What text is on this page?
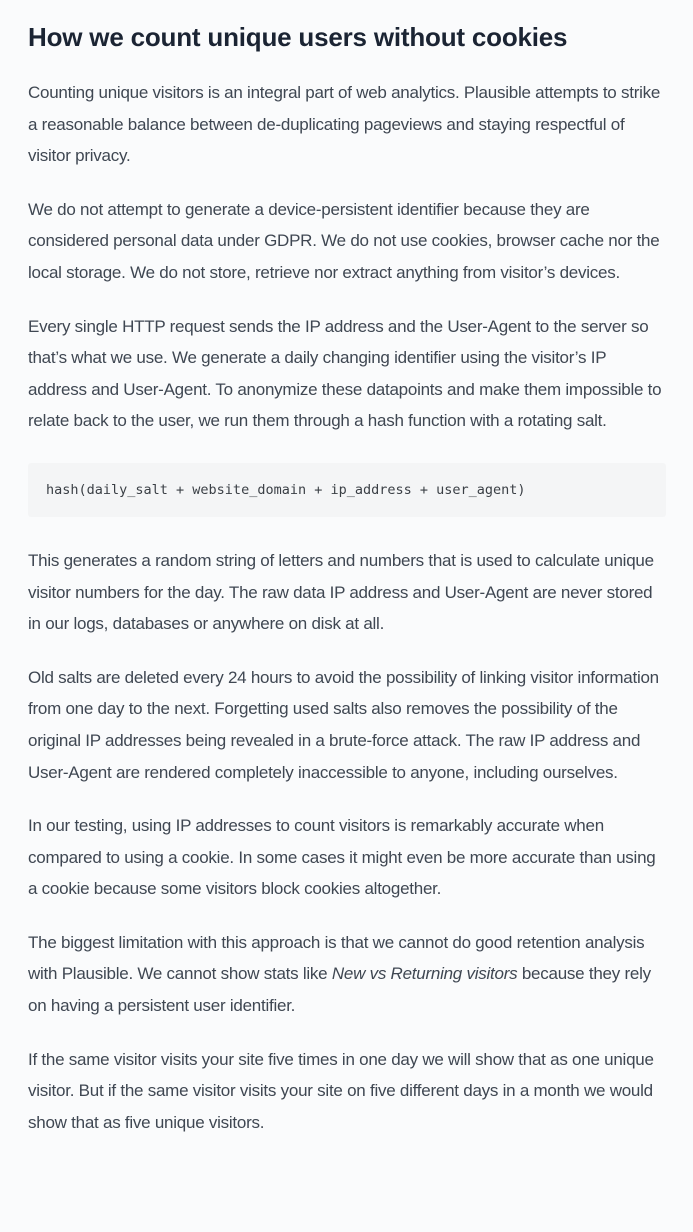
How we count unique users without cookies

Counting unique visitors is an integral part of web analytics. Plausible attempts to strike a reasonable balance between de-duplicating pageviews and staying respectful of visitor privacy.

We do not attempt to generate a device-persistent identifier because they are considered personal data under GDPR. We do not use cookies, browser cache nor the local storage. We do not store, retrieve nor extract anything from visitor’s devices.

Every single HTTP request sends the IP address and the User-Agent to the server so that’s what we use. We generate a daily changing identifier using the visitor’s IP address and User-Agent. To anonymize these datapoints and make them impossible to relate back to the user, we run them through a hash function with a rotating salt.

hash(daily_salt + website_domain + ip_address + user_agent)

This generates a random string of letters and numbers that is used to calculate unique visitor numbers for the day. The raw data IP address and User-Agent are never stored in our logs, databases or anywhere on disk at all.

Old salts are deleted every 24 hours to avoid the possibility of linking visitor information from one day to the next. Forgetting used salts also removes the possibility of the original IP addresses being revealed in a brute-force attack. The raw IP address and User-Agent are rendered completely inaccessible to anyone, including ourselves.

In our testing, using IP addresses to count visitors is remarkably accurate when compared to using a cookie. In some cases it might even be more accurate than using a cookie because some visitors block cookies altogether.

The biggest limitation with this approach is that we cannot do good retention analysis with Plausible. We cannot show stats like New vs Returning visitors because they rely on having a persistent user identifier.

If the same visitor visits your site five times in one day we will show that as one unique visitor. But if the same visitor visits your site on five different days in a month we would show that as five unique visitors.
